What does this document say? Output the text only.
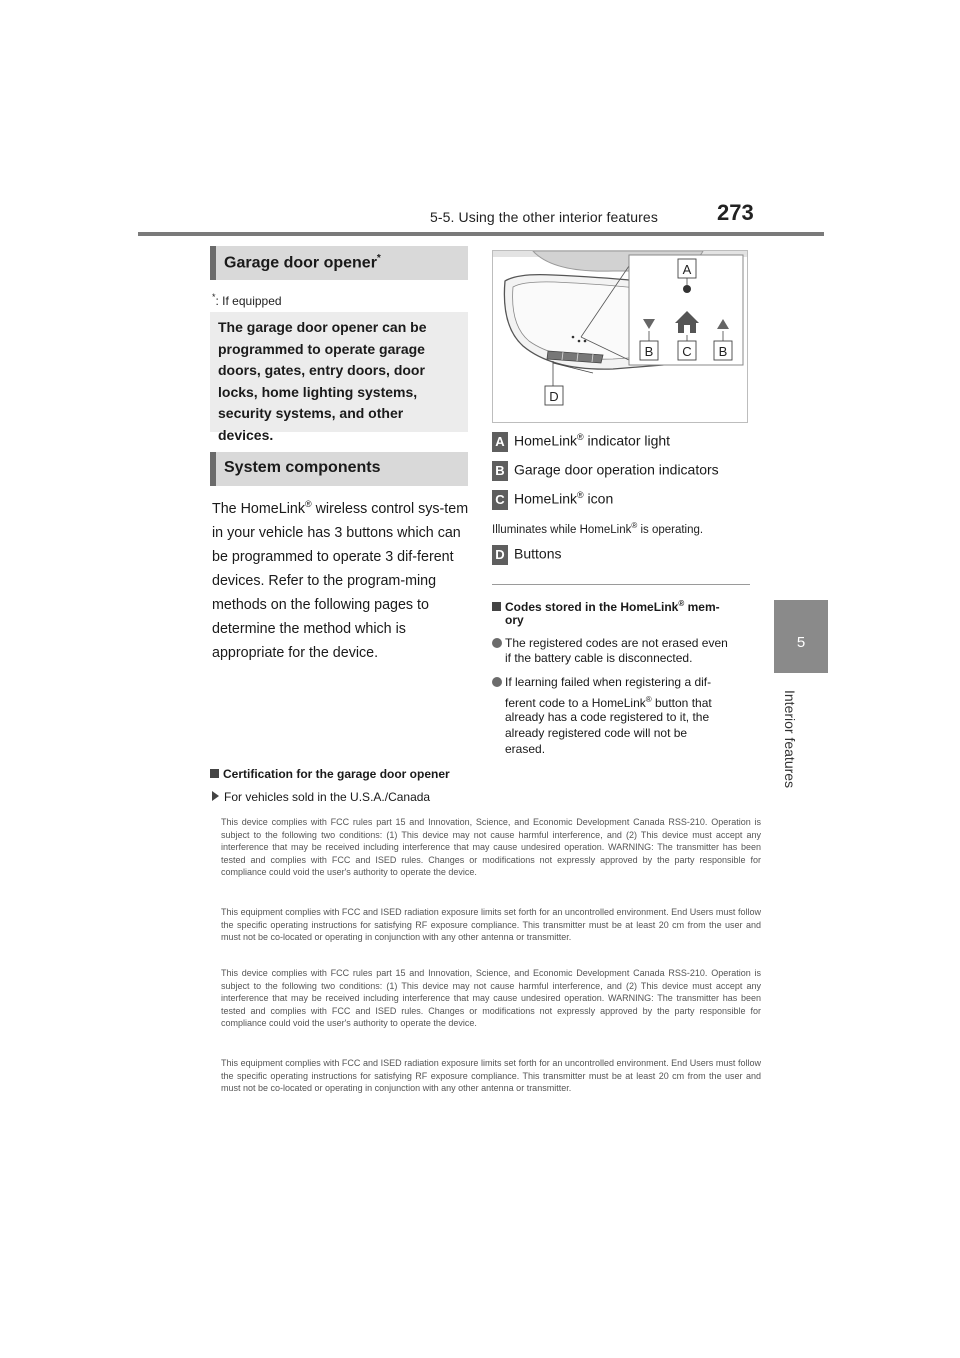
5-5. Using the other interior features	273
5
Interior features
Garage door opener*
*: If equipped

The garage door opener can be programmed to operate garage doors, gates, entry doors, door locks, home lighting systems, security systems, and other devices.

System components
The HomeLink® wireless control sys-tem in your vehicle has 3 buttons which can be programmed to operate 3 dif-ferent devices. Refer to the program-ming methods on the following pages to determine the method which is appropriate for the device.
D
A
B C B
A HomeLink® indicator light
B Garage door operation indicators
C HomeLink® icon
Illuminates while HomeLink® is operating.
D Buttons
Codes stored in the HomeLink® mem-
ory
The registered codes are not erased even
if the battery cable is disconnected.
If learning failed when registering a dif-
ferent code to a HomeLink® button that
already has a code registered to it, the
already registered code will not be
erased.
Certification for the garage door opener
For vehicles sold in the U.S.A./Canada
This device complies with FCC rules part 15 and Innovation, Science, and Economic Development Canada RSS-210. Operation is subject to the following two conditions: (1) This device may not cause harmful interference, and (2) This device must accept any interference that may be received including interference that may cause undesired operation. WARNING: The transmitter has been tested and complies with FCC and ISED rules. Changes or modifications not expressly approved by the party responsible for compliance could void the user's authority to operate the device.
This equipment complies with FCC and ISED radiation exposure limits set forth for an uncontrolled environment. End Users must follow the specific operating instructions for satisfying RF exposure compliance. This transmitter must be at least 20 cm from the user and must not be co-located or operating in conjunction with any other antenna or transmitter.
This device complies with FCC rules part 15 and Innovation, Science, and Economic Development Canada RSS-210. Operation is subject to the following two conditions: (1) This device may not cause harmful interference, and (2) This device must accept any interference that may be received including interference that may cause undesired operation. WARNING: The transmitter has been tested and complies with FCC and ISED rules. Changes or modifications not expressly approved by the party responsible for compliance could void the user's authority to operate the device.
This equipment complies with FCC and ISED radiation exposure limits set forth for an uncontrolled environment. End Users must follow the specific operating instructions for satisfying RF exposure compliance. This transmitter must be at least 20 cm from the user and must not be co-located or operating in conjunction with any other antenna or transmitter.
